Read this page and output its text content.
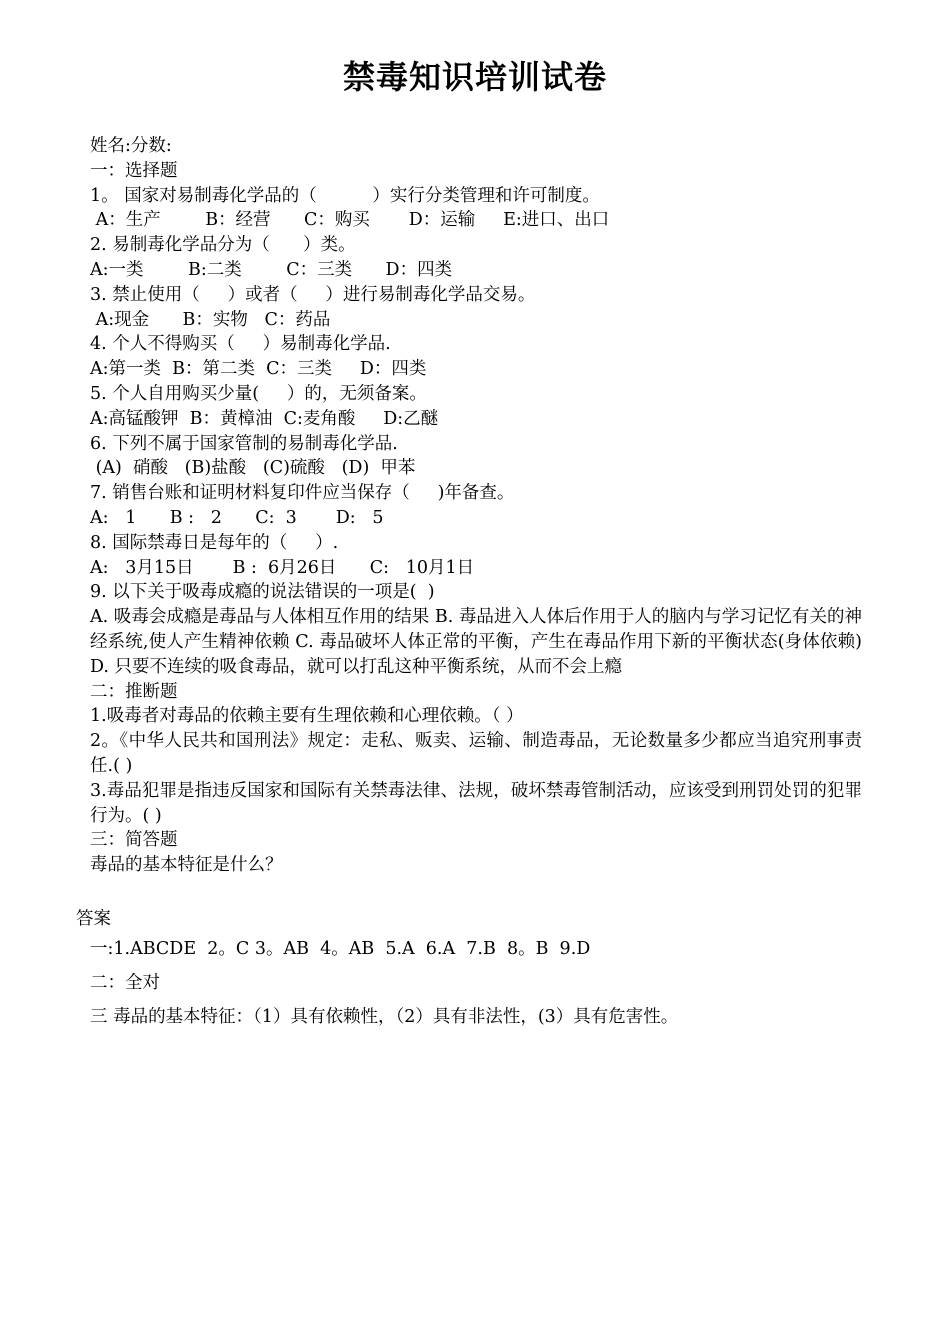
禁毒知识培训试卷

姓名:分数:

一：选择题

1。 国家对易制毒化学品的（          ）实行分类管理和许可制度。

A：生产        B：经营      C：购买       D：运输     E:进口、出口

2. 易制毒化学品分为（      ）类。

A:一类        B:二类        C：三类      D：四类

3. 禁止使用（     ）或者（     ）进行易制毒化学品交易。

A:现金      B：实物   C：药品

4. 个人不得购买（     ）易制毒化学品.

A:第一类  B：第二类  C：三类     D：四类

5. 个人自用购买少量(     ）的，无须备案。

A:高锰酸钾  B：黄樟油  C:麦角酸     D:乙醚

6. 下列不属于国家管制的易制毒化学品.

(A)  硝酸   (B)盐酸   (C)硫酸   (D)  甲苯

7. 销售台账和证明材料复印件应当保存（     )年备查。

A:   1      B :   2      C:  3       D:   5

8. 国际禁毒日是每年的（     ）.

A:   3月15日       B :  6月26日      C:   10月1日

9. 以下关于吸毒成瘾的说法错误的一项是(  )

A. 吸毒会成瘾是毒品与人体相互作用的结果 B. 毒品进入人体后作用于人的脑内与学习记忆有关的神经系统,使人产生精神依赖 C. 毒品破坏人体正常的平衡，产生在毒品作用下新的平衡状态(身体依赖) D. 只要不连续的吸食毒品，就可以打乱这种平衡系统，从而不会上瘾

二：推断题

1.吸毒者对毒品的依赖主要有生理依赖和心理依赖。（ ）

2。《中华人民共和国刑法》规定：走私、贩卖、运输、制造毒品，无论数量多少都应当追究刑事责任.( )

3.毒品犯罪是指违反国家和国际有关禁毒法律、法规，破坏禁毒管制活动，应该受到刑罚处罚的犯罪行为。( )

三：简答题

毒品的基本特征是什么？

答案

一:1.ABCDE  2。C 3。AB  4。AB  5.A  6.A  7.B  8。B  9.D

二：全对

三 毒品的基本特征：（1）具有依赖性，（2）具有非法性，(3）具有危害性。
